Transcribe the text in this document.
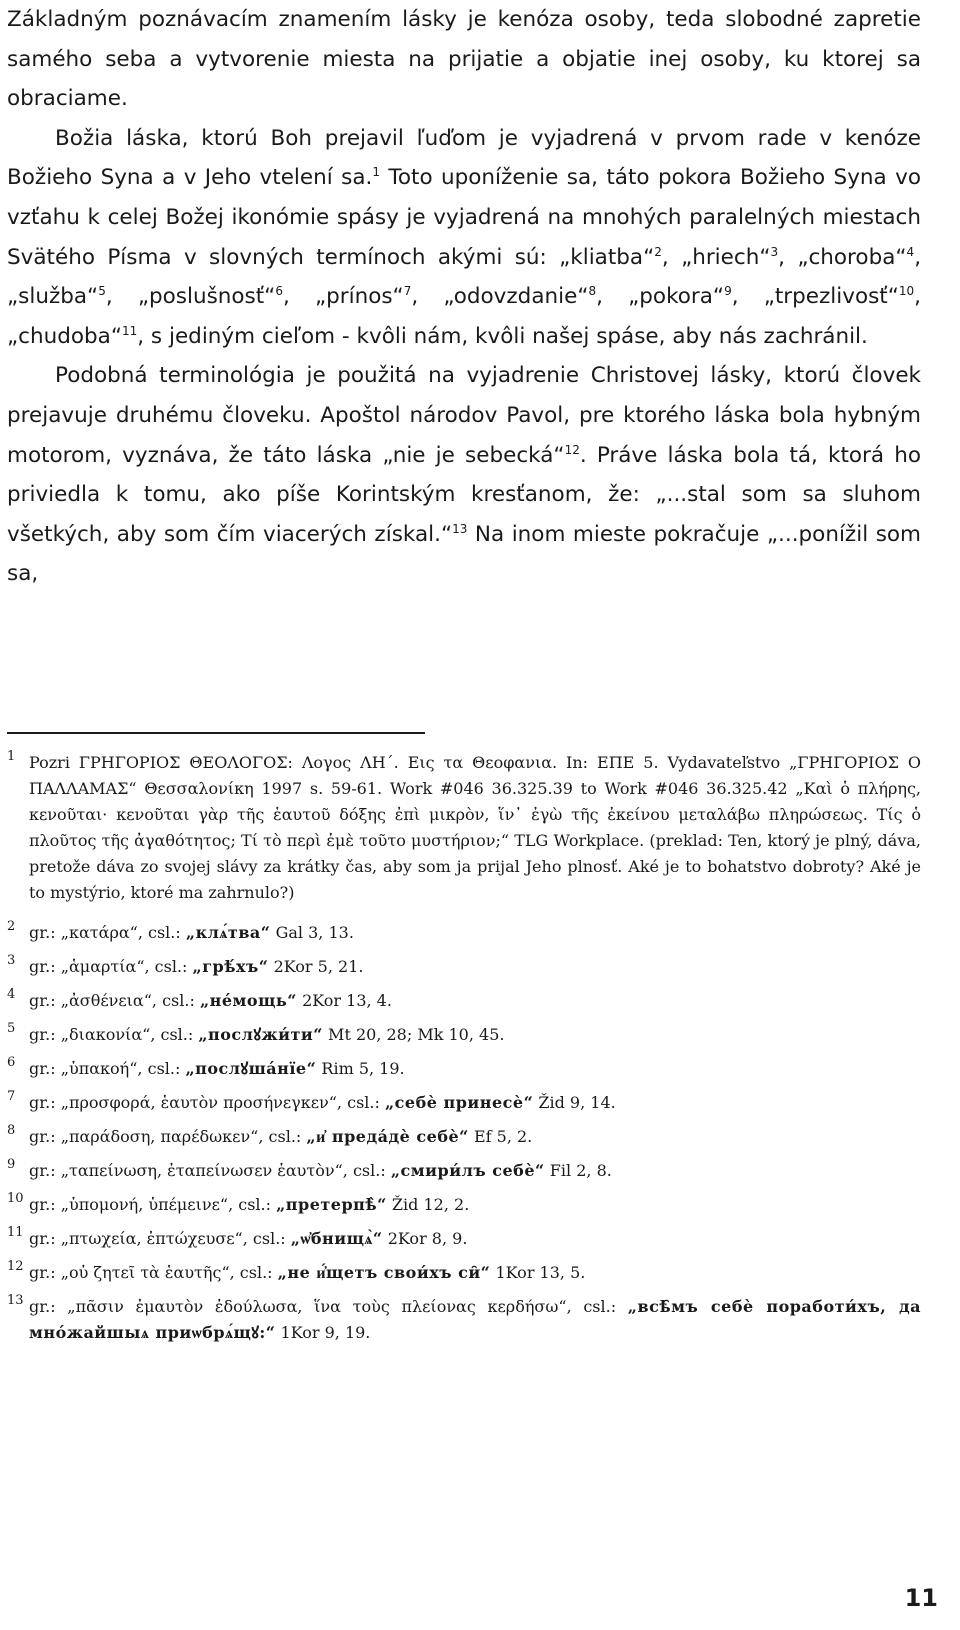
Základným poznávacím znamením lásky je kenóza osoby, teda slobodné zapretie samého seba a vytvorenie miesta na prijatie a objatie inej osoby, ku ktorej sa obraciame.

Božia láska, ktorú Boh prejavil ľuďom je vyjadrená v prvom rade v kenóze Božieho Syna a v Jeho vtelení sa.$^1$ Toto uponíženie sa, táto pokora Božieho Syna vo vzťahu k celej Božej ikonómie spásy je vyjadrená na mnohých paralelných miestach Svätého Písma v slovných termínoch akými sú: „kliatba“$^2$, „hriech“$^3$, „choroba“$^4$, „služba“$^5$, „poslušnosť“$^6$, „prínos“$^7$, „odovzdanie“$^8$, „pokora“$^9$, „trpezlivosť“$^{10}$, „chudoba“$^{11}$, s jediným cieľom - kvôli nám, kvôli našej spáse, aby nás zachránil.

Podobná terminológia je použitá na vyjadrenie Christovej lásky, ktorú človek prejavuje druhému človeku. Apoštol národov Pavol, pre ktorého láska bola hybným motorom, vyznáva, že táto láska „nie je sebecká“$^{12}$. Práve láska bola tá, ktorá ho priviedla k tomu, ako píše Korintským kresťanom, že: „...stal som sa sluhom všetkých, aby som čím viacerých získal.“$^{13}$ Na inom mieste pokračuje „...ponížil som sa,

1 Pozri ΓΡΗΓΟΡΙΟΣ ΘΕΟΛΟΓΟΣ: Λογος ΛΗ΄. Εις τα Θεοφανια. In: ΕΠΕ 5. Vydavateľstvo „ΓΡΗΓΟΡΙΟΣ Ο ΠΑΛΛΑΜΑΣ“ Θεσσαλονίκη 1997 s. 59-61. Work #046 36.325.39 to Work #046 36.325.42 „Καὶ ὁ πλήρης, κενοῦται· κενοῦται γὰρ τῆς ἑαυτοῦ δόξης ἐπὶ μικρὸν, ἵν᾽ ἐγὼ τῆς ἐκείνου μεταλάβω πληρώσεως. Τίς ὁ πλοῦτος τῆς ἀγαθότητος; Τί τὸ περὶ ἐμὲ τοῦτο μυστήριον;“ TLG Workplace. (preklad: Ten, ktorý je plný, dáva, pretože dáva zo svojej slávy za krátky čas, aby som ja prijal Jeho plnosť. Aké je to bohatstvo dobroty? Aké je to mystýrio, ktoré ma zahrnulo?)
2 gr.: „κατάρα“, csl.: „клѧ́тва“ Gal 3, 13.
3 gr.: „ἁμαρτία“, csl.: „грѣ́хъ“ 2Kor 5, 21.
4 gr.: „ἀσθένεια“, csl.: „не́мощь“ 2Kor 13, 4.
5 gr.: „διακονία“, csl.: „послꙋжи́ти“ Mt 20, 28; Mk 10, 45.
6 gr.: „ὑπακοή“, csl.: „послꙋша́нїе“ Rim 5, 19.
7 gr.: „προσφορά, ἑαυτὸν προσήνεγκεν“, csl.: „себѐ принесѐ“ Žid 9, 14.
8 gr.: „παράδοση, παρέδωκεν“, csl.: „и҆ преда́дѐ себѐ“ Ef 5, 2.
9 gr.: „ταπείνωση, ἐταπείνωσεν ἑαυτὸν“, csl.: „смири́лъ себѐ“ Fil 2, 8.
10 gr.: „ὑπομονή, ὑπέμεινε“, csl.: „претерпѣ̀“ Žid 12, 2.
11 gr.: „πτωχεία, ἐπτώχευσε“, csl.: „ѡ҆бнищѧ̀“ 2Kor 8, 9.
12 gr.: „οὐ ζητεῖ τὰ ἑαυτῆς“, csl.: „не и҆́щетъ свои́хъ си̑“ 1Kor 13, 5.
13 gr.: „πᾶσιν ἐμαυτὸν ἐδούλωσα, ἵνα τοὺς πλείονας κερδήσω“, csl.: „всѣ̑мъ себѐ поработи́хъ, да мно́жайшыѧ приѡбрѧ́щꙋ:“ 1Kor 9, 19.
11
